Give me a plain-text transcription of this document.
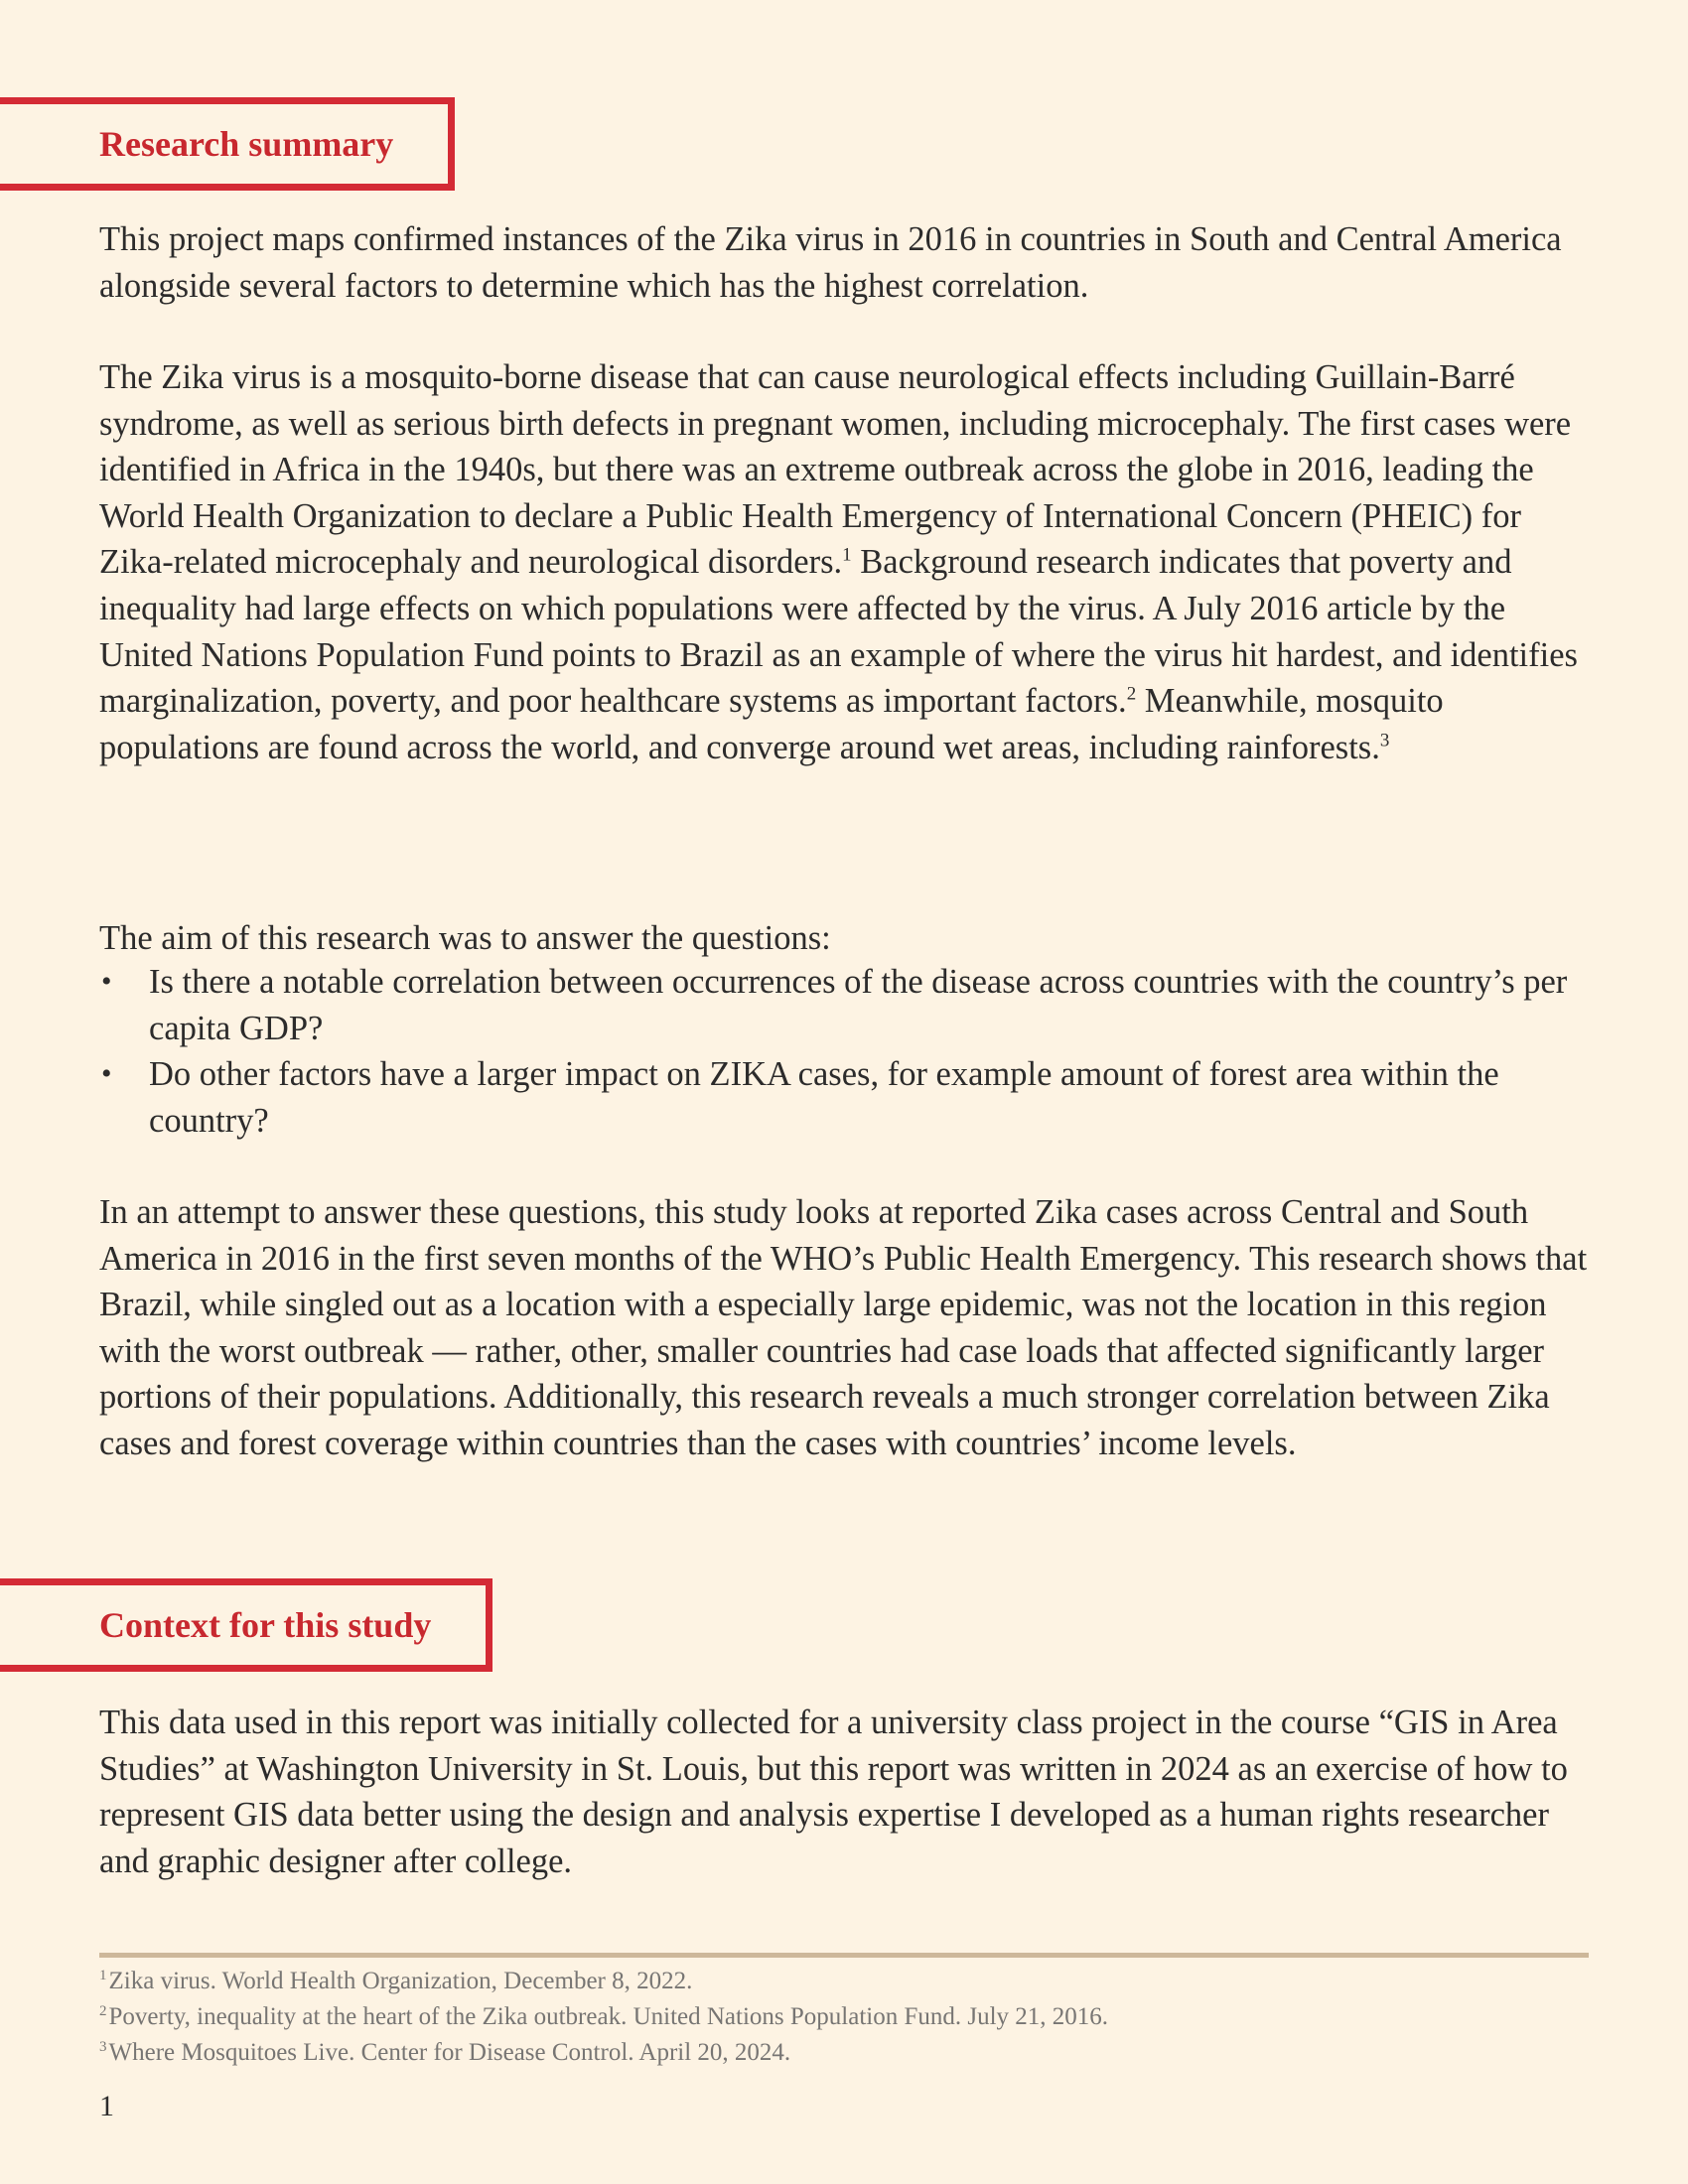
Research summary

This project maps confirmed instances of the Zika virus in 2016 in countries in South and Central America alongside several factors to determine which has the highest correlation.

The Zika virus is a mosquito-borne disease that can cause neurological effects including Guillain-Barré syndrome, as well as serious birth defects in pregnant women, including microcephaly. The first cases were identified in Africa in the 1940s, but there was an extreme outbreak across the globe in 2016, leading the World Health Organization to declare a Public Health Emergency of International Concern (PHEIC) for Zika-related microcephaly and neurological disorders.$^1$ Background research indicates that poverty and inequality had large effects on which populations were affected by the virus. A July 2016 article by the United Nations Population Fund points to Brazil as an example of where the virus hit hardest, and identifies marginalization, poverty, and poor healthcare systems as important factors.$^2$ Meanwhile, mosquito populations are found across the world, and converge around wet areas, including rainforests.$^3$

The aim of this research was to answer the questions:

• Is there a notable correlation between occurrences of the disease across countries with the country’s per capita GDP?
• Do other factors have a larger impact on ZIKA cases, for example amount of forest area within the country?

In an attempt to answer these questions, this study looks at reported Zika cases across Central and South America in 2016 in the first seven months of the WHO’s Public Health Emergency. This research shows that Brazil, while singled out as a location with a especially large epidemic, was not the location in this region with the worst outbreak — rather, other, smaller countries had case loads that affected significantly larger portions of their populations. Additionally, this research reveals a much stronger correlation between Zika cases and forest coverage within countries than the cases with countries’ income levels.

Context for this study

This data used in this report was initially collected for a university class project in the course “GIS in Area Studies” at Washington University in St. Louis, but this report was written in 2024 as an exercise of how to represent GIS data better using the design and analysis expertise I developed as a human rights researcher and graphic designer after college.

$^1$Zika virus. World Health Organization, December 8, 2022.
$^2$Poverty, inequality at the heart of the Zika outbreak. United Nations Population Fund. July 21, 2016.
$^3$Where Mosquitoes Live. Center for Disease Control. April 20, 2024.
1
